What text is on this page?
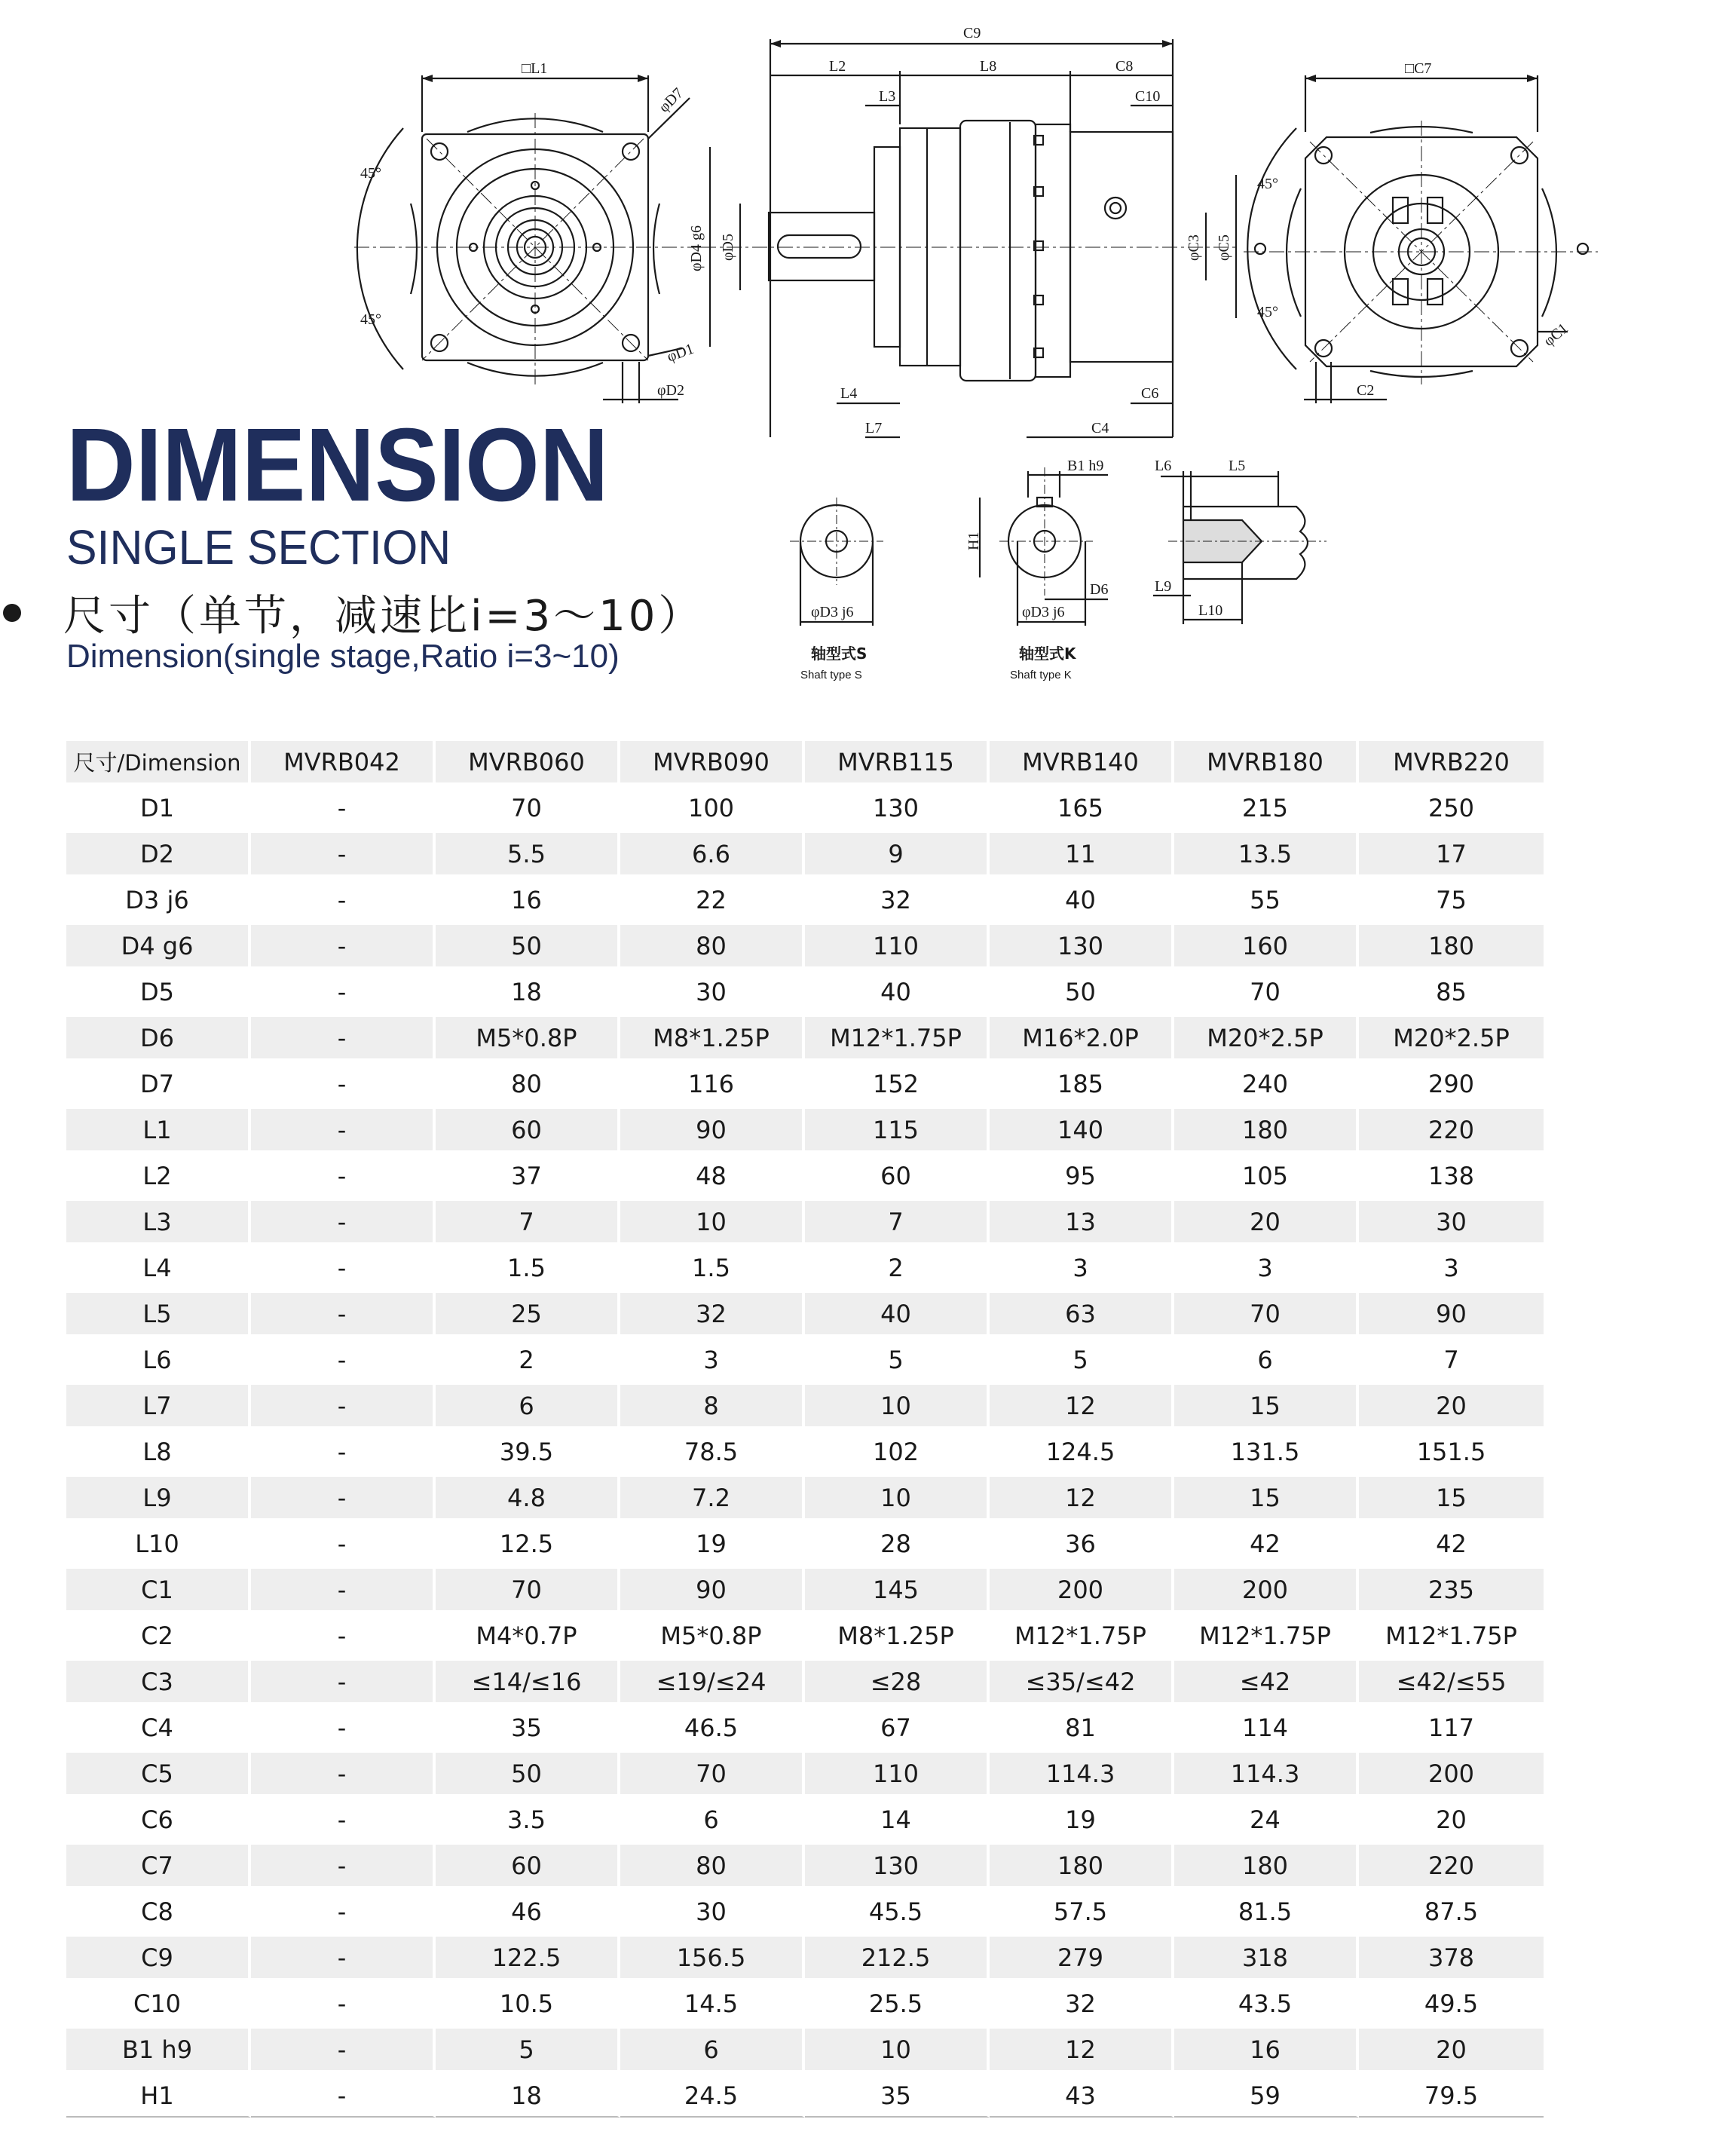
□L1
φD7
φD1
45°
45°
φD2
C9
L2	L8	C8
L3	C10
φD4 g6 φD5	φC3 φC5
L4
L7
C6
C4
□C7
φC1
45°
45°
C2
φD3 j6
轴型式S
Shaft type S
B1 h9
H1
φD3 j6
D6
轴型式K
Shaft type K
L6	L5
L9
L10
DIMENSION
SINGLE SECTION
尺寸（单节，减速比i=3～10）
Dimension(single stage,Ratio i=3~10)
尺寸/Dimension	MVRB042	MVRB060	MVRB090	MVRB115	MVRB140	MVRB180	MVRB220
D1	-	70	100	130	165	215	250
D2	-	5.5	6.6	9	11	13.5	17
D3 j6	-	16	22	32	40	55	75
D4 g6	-	50	80	110	130	160	180
D5	-	18	30	40	50	70	85
D6	-	M5*0.8P	M8*1.25P	M12*1.75P	M16*2.0P	M20*2.5P	M20*2.5P
D7	-	80	116	152	185	240	290
L1	-	60	90	115	140	180	220
L2	-	37	48	60	95	105	138
L3	-	7	10	7	13	20	30
L4	-	1.5	1.5	2	3	3	3
L5	-	25	32	40	63	70	90
L6	-	2	3	5	5	6	7
L7	-	6	8	10	12	15	20
L8	-	39.5	78.5	102	124.5	131.5	151.5
L9	-	4.8	7.2	10	12	15	15
L10	-	12.5	19	28	36	42	42
C1	-	70	90	145	200	200	235
C2	-	M4*0.7P	M5*0.8P	M8*1.25P	M12*1.75P	M12*1.75P	M12*1.75P
C3	-	≤14/≤16	≤19/≤24	≤28	≤35/≤42	≤42	≤42/≤55
C4	-	35	46.5	67	81	114	117
C5	-	50	70	110	114.3	114.3	200
C6	-	3.5	6	14	19	24	20
C7	-	60	80	130	180	180	220
C8	-	46	30	45.5	57.5	81.5	87.5
C9	-	122.5	156.5	212.5	279	318	378
C10	-	10.5	14.5	25.5	32	43.5	49.5
B1 h9	-	5	6	10	12	16	20
H1	-	18	24.5	35	43	59	79.5
